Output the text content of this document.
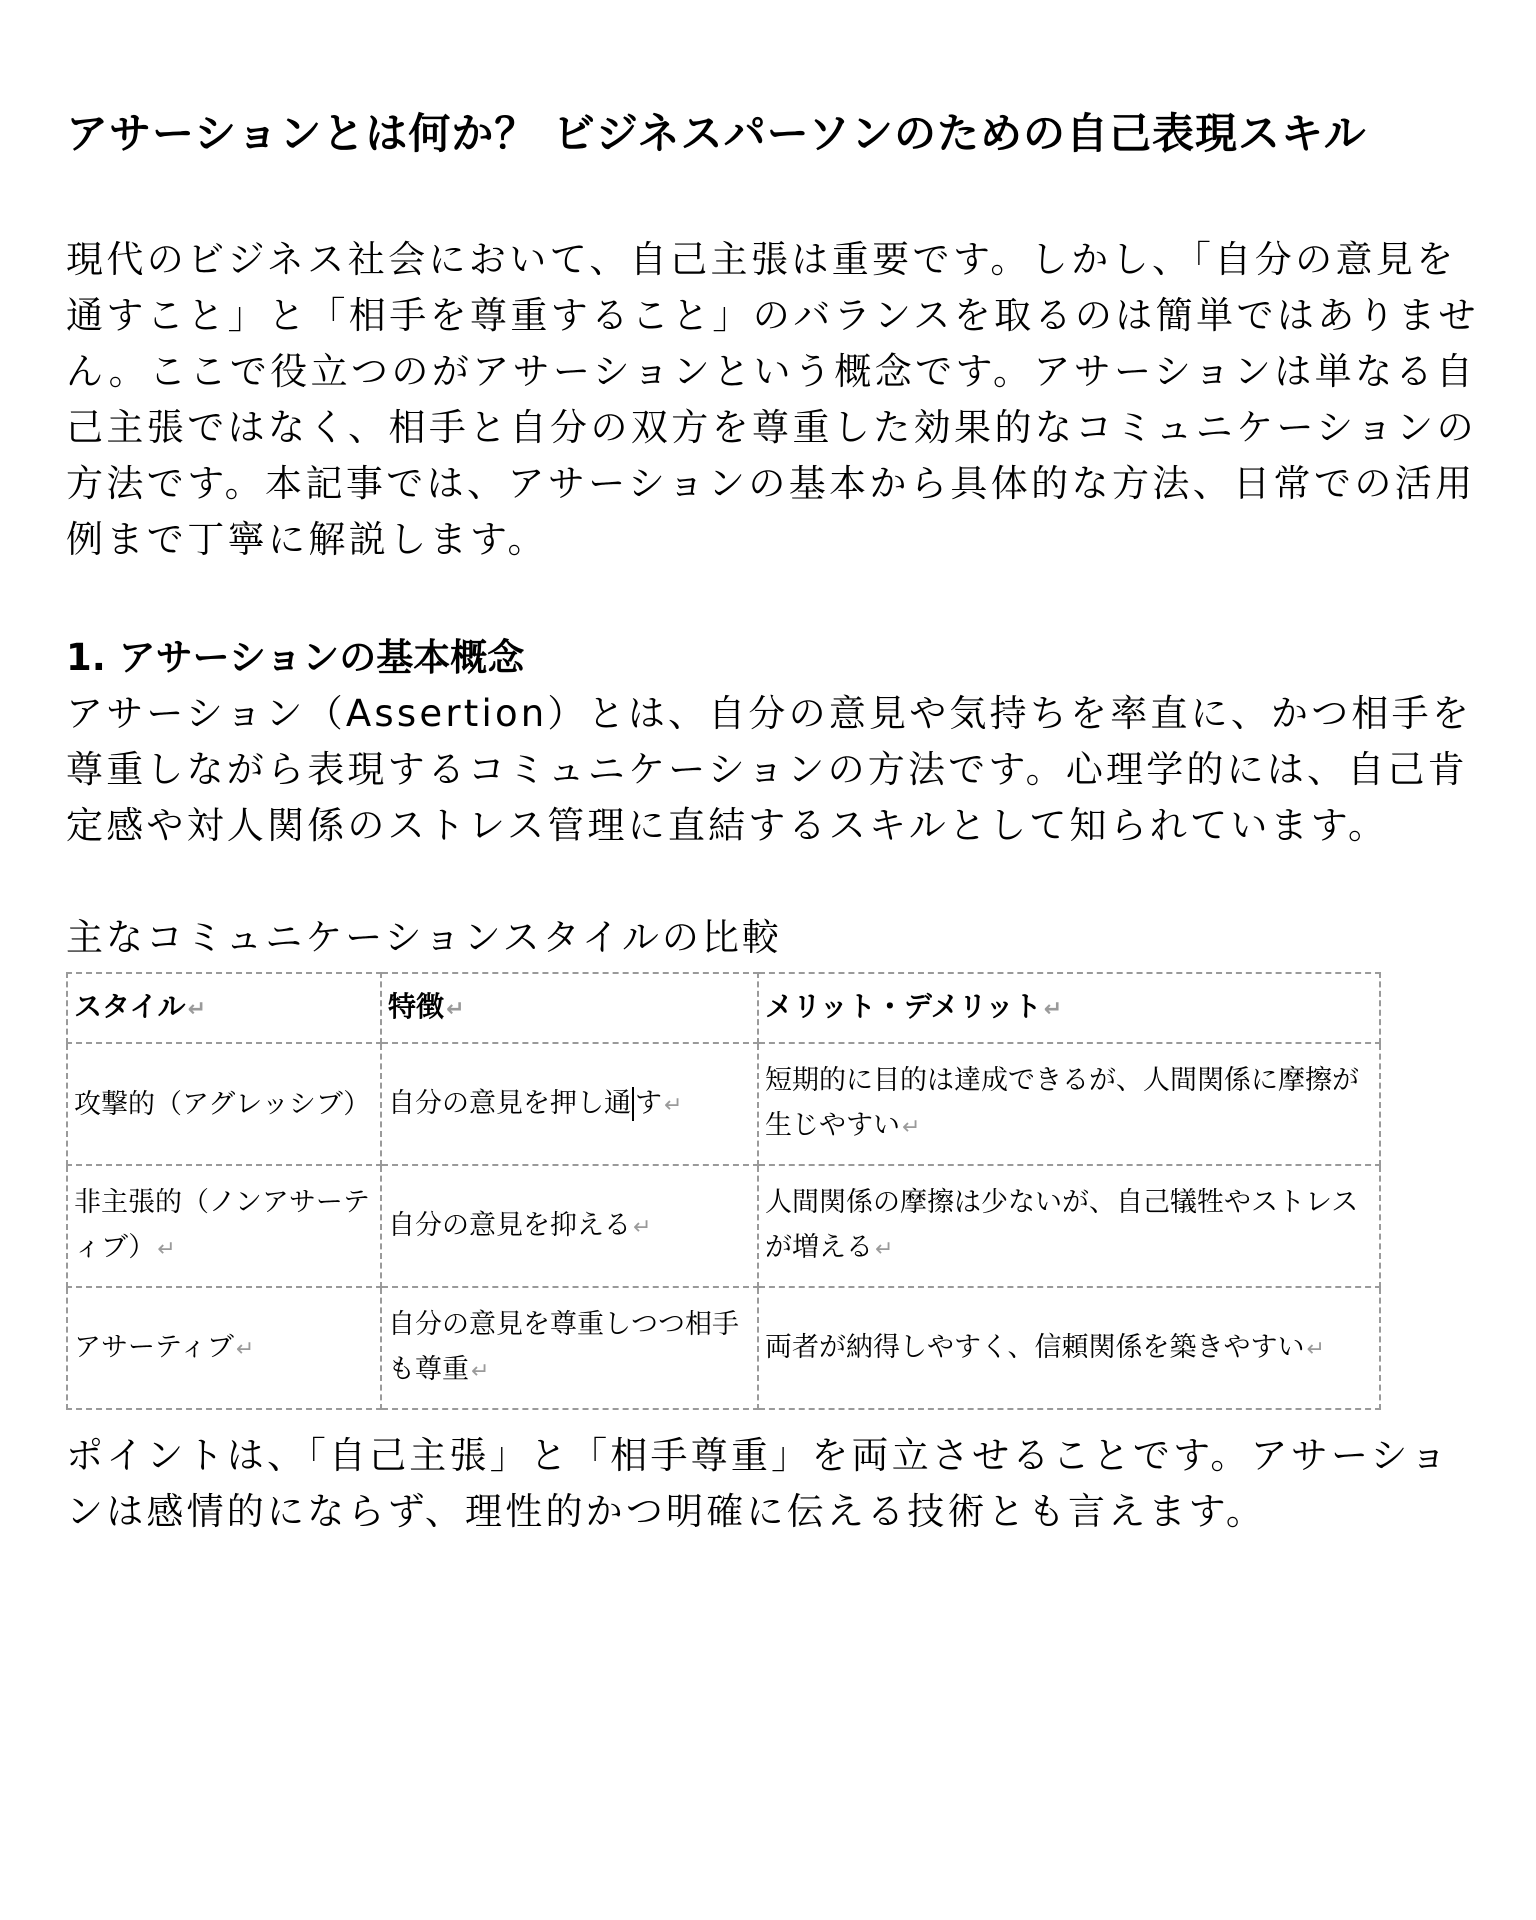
アサーションとは何か？ ビジネスパーソンのための自己表現スキル

現代のビジネス社会において、自己主張は重要です。しかし、「自分の意見を通すこと」と「相手を尊重すること」のバランスを取るのは簡単ではありません。ここで役立つのがアサーションという概念です。アサーションは単なる自己主張ではなく、相手と自分の双方を尊重した効果的なコミュニケーションの方法です。本記事では、アサーションの基本から具体的な方法、日常での活用例まで丁寧に解説します。

1. アサーションの基本概念

アサーション（Assertion）とは、自分の意見や気持ちを率直に、かつ相手を尊重しながら表現するコミュニケーションの方法です。心理学的には、自己肯定感や対人関係のストレス管理に直結するスキルとして知られています。

主なコミュニケーションスタイルの比較

スタイル↵	特徴↵	メリット・デメリット↵
攻撃的（アグレッシブ）	自分の意見を押し通 す↵	短期的に目的は達成できるが、人間関係に摩擦が生じやすい↵
非主張的（ノンアサーティブ）↵	自分の意見を抑える↵	人間関係の摩擦は少ないが、自己犠牲やストレスが増える↵
アサーティブ↵	自分の意見を尊重しつつ相手も尊重↵	両者が納得しやすく、信頼関係を築きやすい↵

ポイントは、「自己主張」と「相手尊重」を両立させることです。アサーションは感情的にならず、理性的かつ明確に伝える技術とも言えます。
